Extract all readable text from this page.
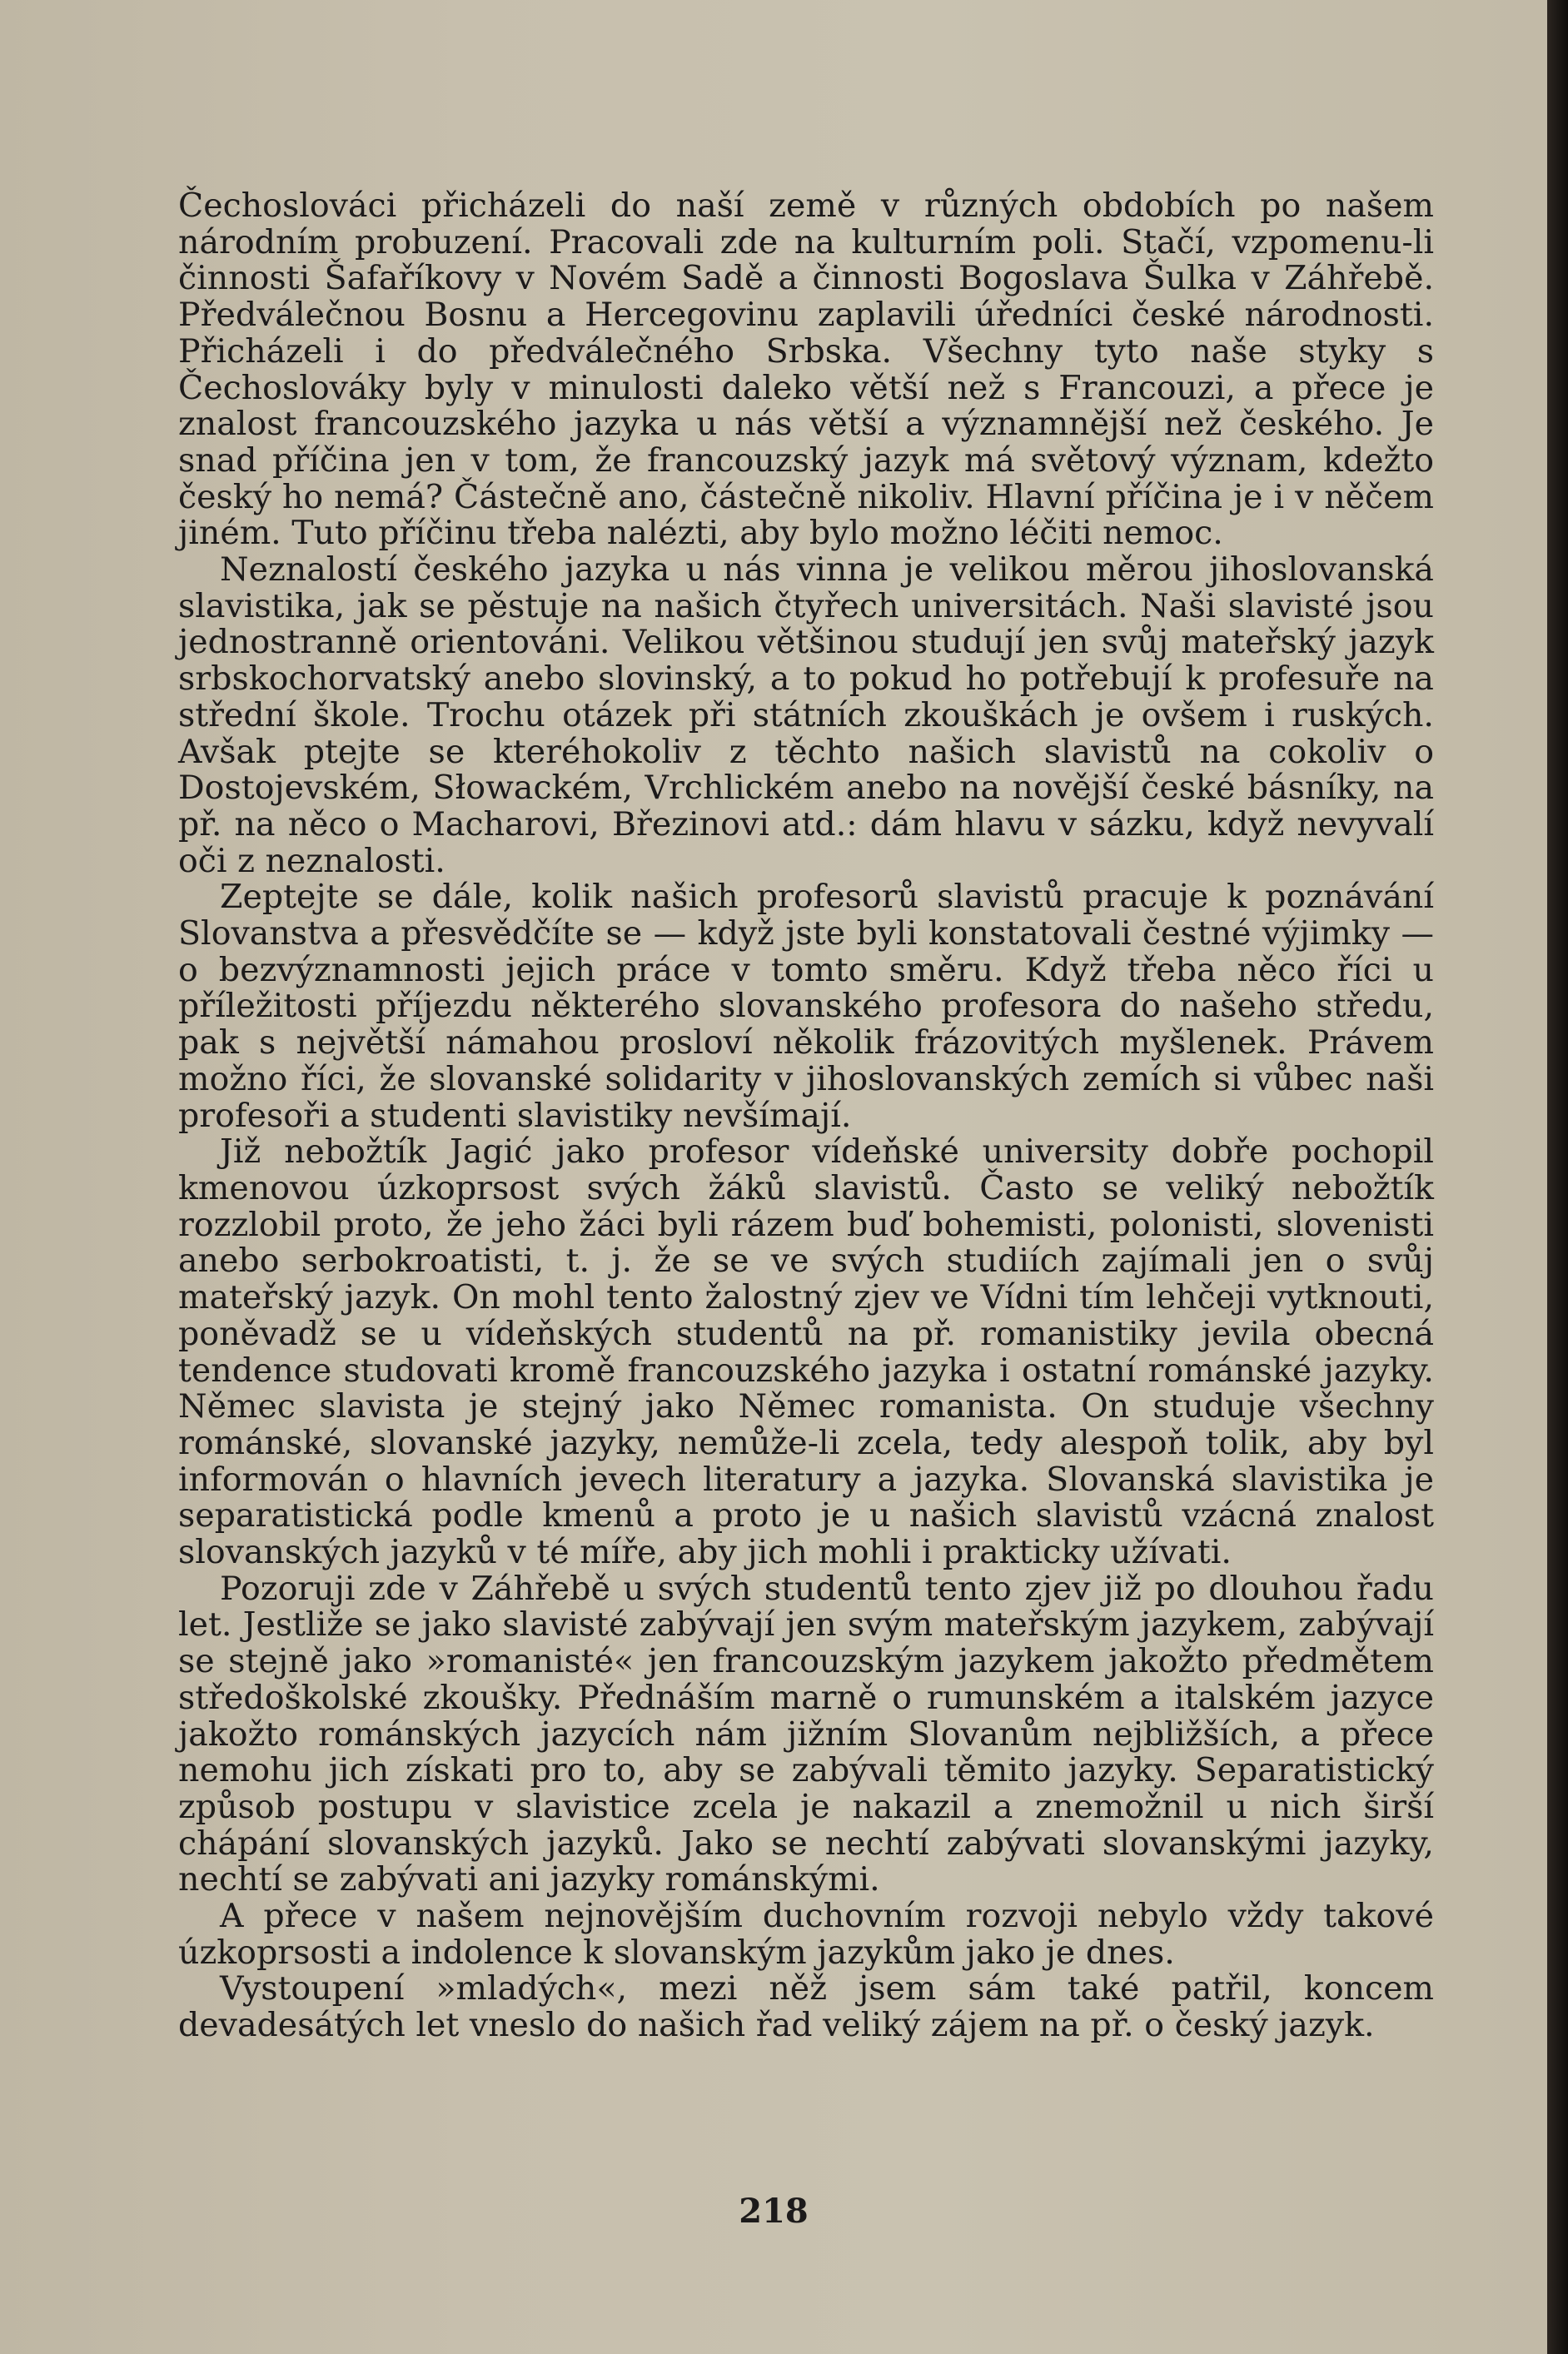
Čechoslováci přicházeli do naší země v různých obdobích po našem národním probuzení. Pracovali zde na kulturním poli. Stačí, vzpomenu-li činnosti Šafaříkovy v Novém Sadě a činnosti Bogoslava Šulka v Záhřebě. Předválečnou Bosnu a Hercegovinu zaplavili úředníci české národnosti. Přicházeli i do předválečného Srbska. Všechny tyto naše styky s Čechoslováky byly v minulosti daleko větší než s Francouzi, a přece je znalost francouzského jazyka u nás větší a významnější než českého. Je snad příčina jen v tom, že francouzský jazyk má světový význam, kdežto český ho nemá? Částečně ano, částečně nikoliv. Hlavní příčina je i v něčem jiném. Tuto příčinu třeba nalézti, aby bylo možno léčiti nemoc.

Neznalostí českého jazyka u nás vinna je velikou měrou jihoslovanská slavistika, jak se pěstuje na našich čtyřech universitách. Naši slavisté jsou jednostranně orientováni. Velikou většinou studují jen svůj mateřský jazyk srbskochorvatský anebo slovinský, a to pokud ho potřebují k profesuře na střední škole. Trochu otázek při státních zkouškách je ovšem i ruských. Avšak ptejte se kteréhokoliv z těchto našich slavistů na cokoliv o Dostojevském, Słowackém, Vrchlickém anebo na novější české básníky, na př. na něco o Macharovi, Březinovi atd.: dám hlavu v sázku, když nevyvalí oči z neznalosti.

Zeptejte se dále, kolik našich profesorů slavistů pracuje k poznávání Slovanstva a přesvědčíte se — když jste byli konstatovali čestné výjimky — o bezvýznamnosti jejich práce v tomto směru. Když třeba něco říci u příležitosti příjezdu některého slovanského profesora do našeho středu, pak s největší námahou prosloví několik frázovitých myšlenek. Právem možno říci, že slovanské solidarity v jihoslovanských zemích si vůbec naši profesoři a studenti slavistiky nevšímají.

Již nebožtík Jagić jako profesor vídeňské university dobře pochopil kmenovou úzkoprsost svých žáků slavistů. Často se veliký nebožtík rozzlobil proto, že jeho žáci byli rázem buď bohemisti, polonisti, slovenisti anebo serbokroatisti, t. j. že se ve svých studiích zajímali jen o svůj mateřský jazyk. On mohl tento žalostný zjev ve Vídni tím lehčeji vytknouti, poněvadž se u vídeňských studentů na př. romanistiky jevila obecná tendence studovati kromě francouzského jazyka i ostatní románské jazyky. Němec slavista je stejný jako Němec romanista. On studuje všechny románské, slovanské jazyky, nemůže-li zcela, tedy alespoň tolik, aby byl informován o hlavních jevech literatury a jazyka. Slovanská slavistika je separatistická podle kmenů a proto je u našich slavistů vzácná znalost slovanských jazyků v té míře, aby jich mohli i prakticky užívati.

Pozoruji zde v Záhřebě u svých studentů tento zjev již po dlouhou řadu let. Jestliže se jako slavisté zabývají jen svým mateřským jazykem, zabývají se stejně jako »romanisté« jen francouzským jazykem jakožto předmětem středoškolské zkoušky. Přednáším marně o rumunském a italském jazyce jakožto románských jazycích nám jižním Slovanům nejbližších, a přece nemohu jich získati pro to, aby se zabývali těmito jazyky. Separatistický způsob postupu v slavistice zcela je nakazil a znemožnil u nich širší chápání slovanských jazyků. Jako se nechtí zabývati slovanskými jazyky, nechtí se zabývati ani jazyky románskými.

A přece v našem nejnovějším duchovním rozvoji nebylo vždy takové úzkoprsosti a indolence k slovanským jazykům jako je dnes.

Vystoupení »mladých«, mezi něž jsem sám také patřil, koncem devadesátých let vneslo do našich řad veliký zájem na př. o český jazyk.

218
